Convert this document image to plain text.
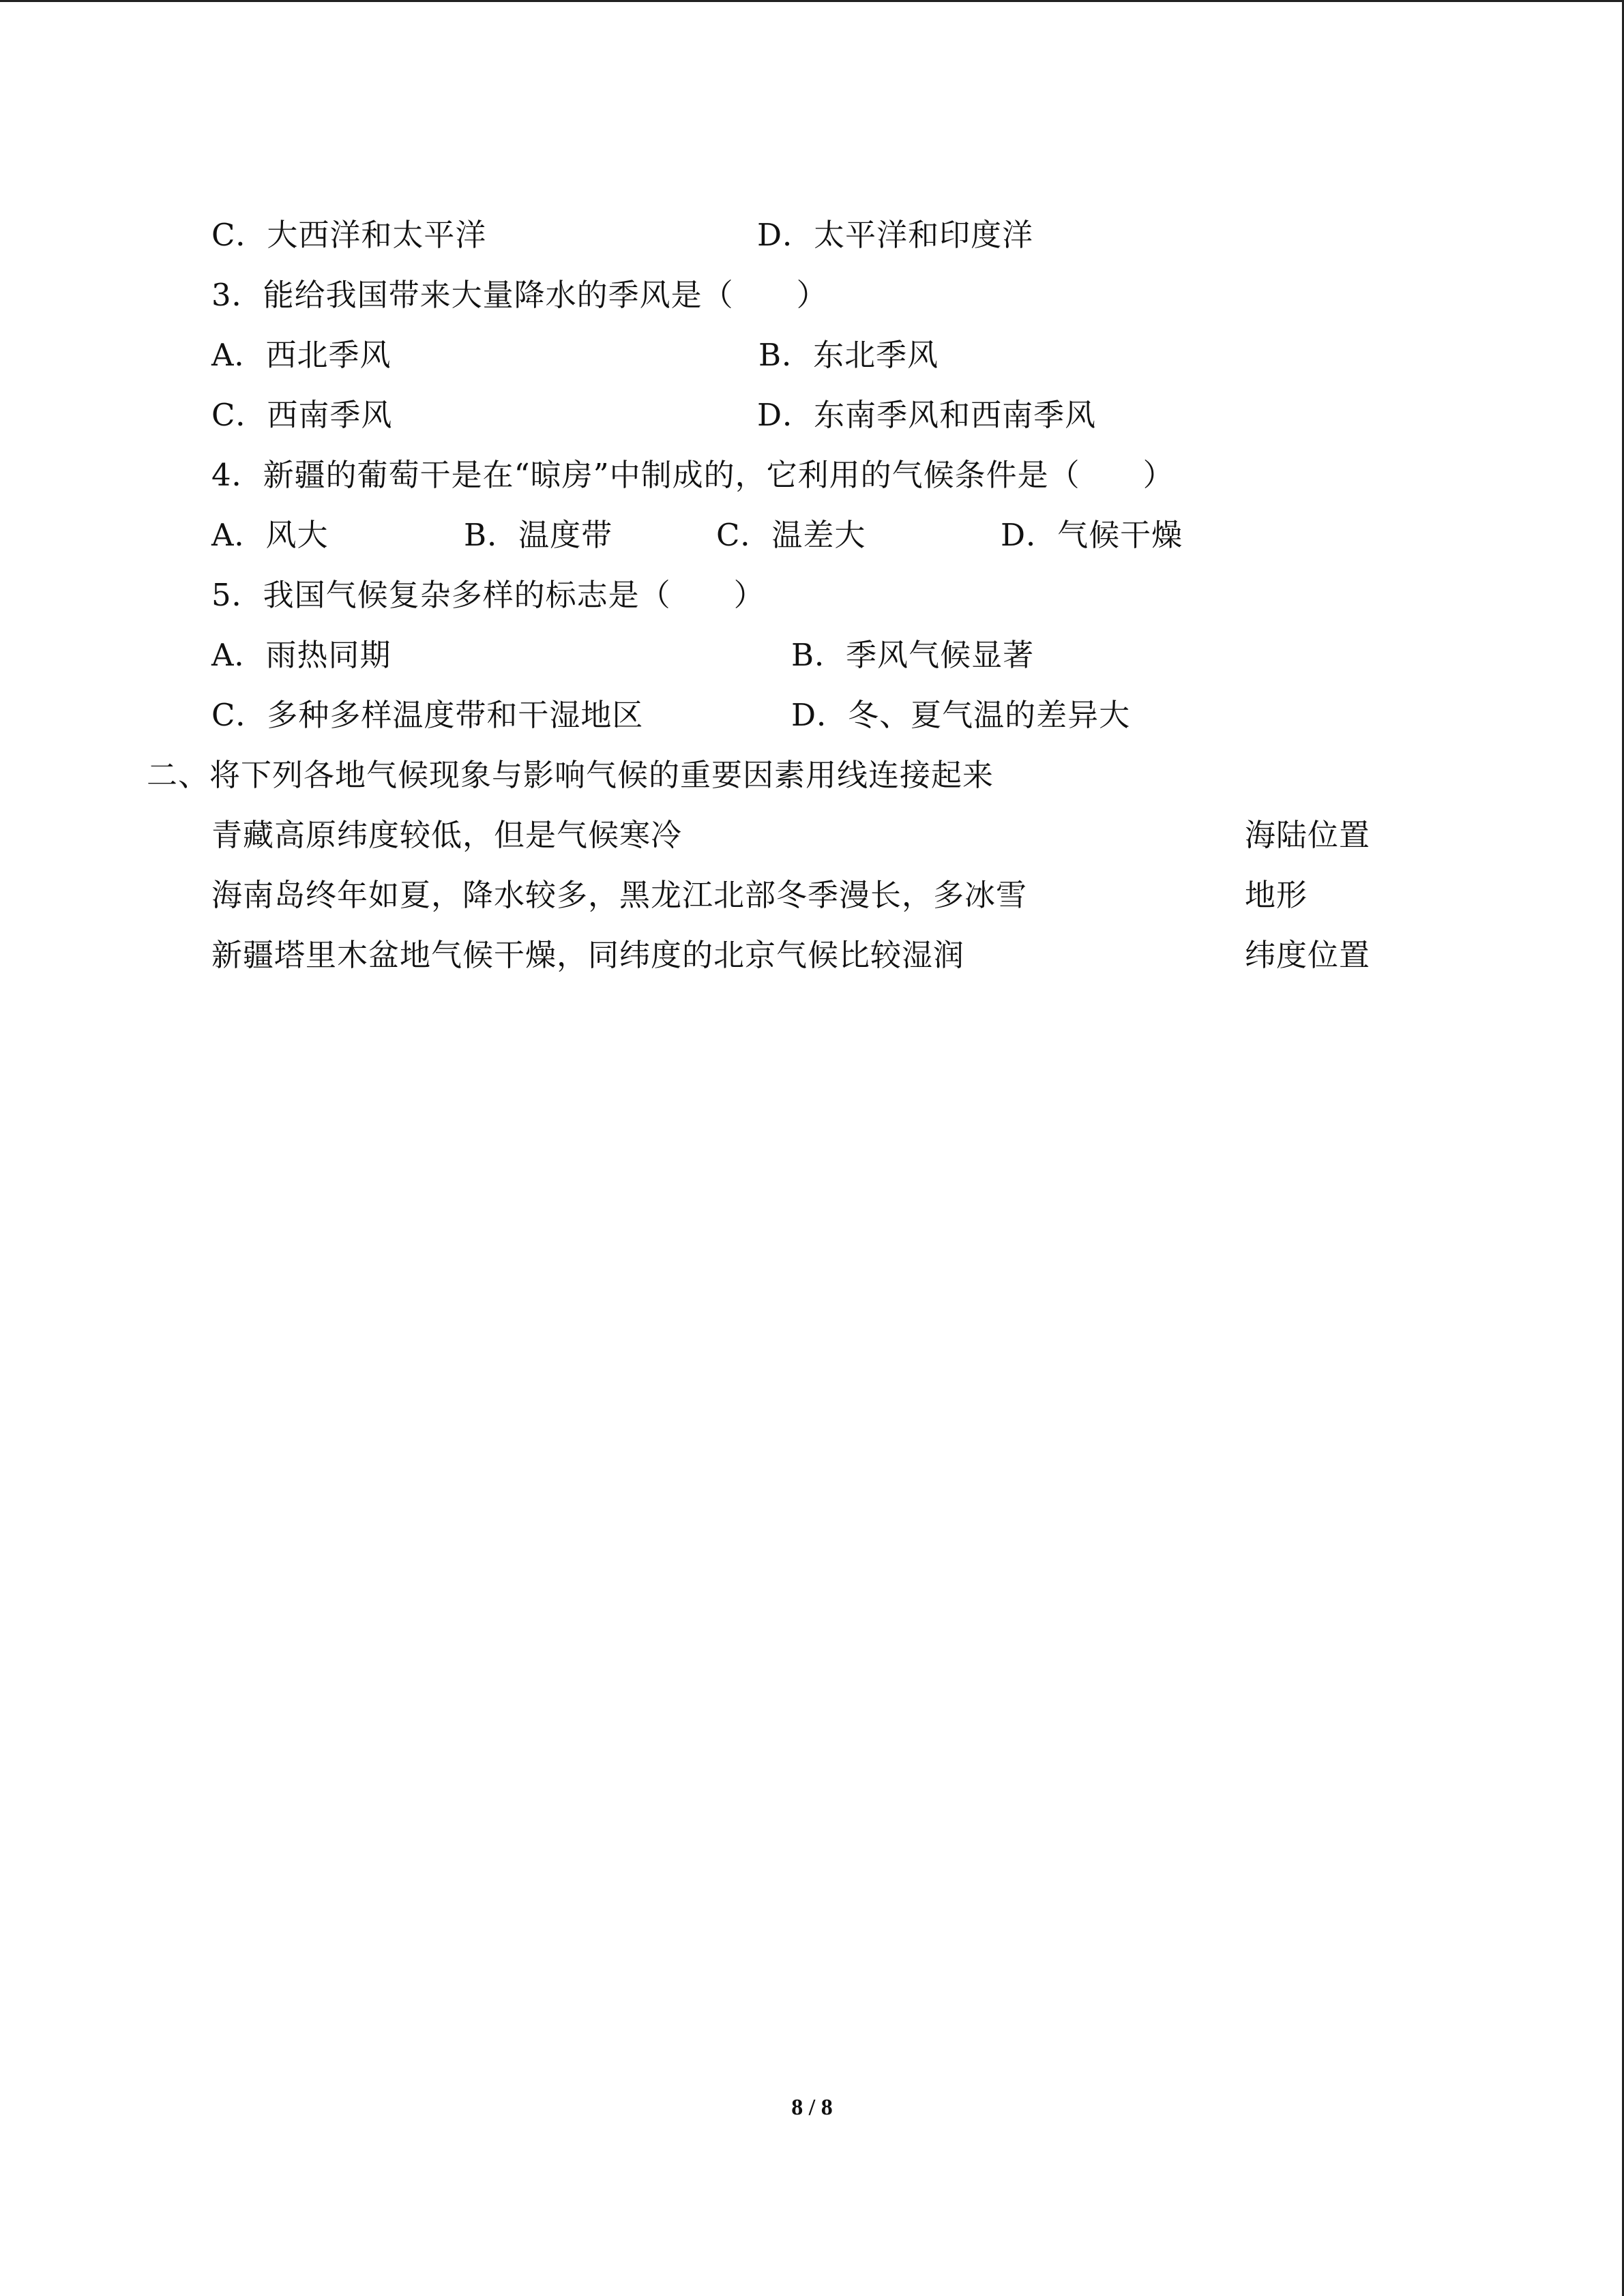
C．大西洋和太平洋	D．太平洋和印度洋
3．能给我国带来大量降水的季风是（　　）
A．西北季风	B．东北季风
C．西南季风	D．东南季风和西南季风
4．新疆的葡萄干是在“晾房”中制成的，它利用的气候条件是（　　）
A．风大	B．温度带	C．温差大	D．气候干燥
5．我国气候复杂多样的标志是（　　）
A．雨热同期	B．季风气候显著
C．多种多样温度带和干湿地区	D．冬、夏气温的差异大
二、将下列各地气候现象与影响气候的重要因素用线连接起来
青藏高原纬度较低，但是气候寒冷	海陆位置
海南岛终年如夏，降水较多，黑龙江北部冬季漫长，多冰雪	地形
新疆塔里木盆地气候干燥，同纬度的北京气候比较湿润	纬度位置
8 / 8
